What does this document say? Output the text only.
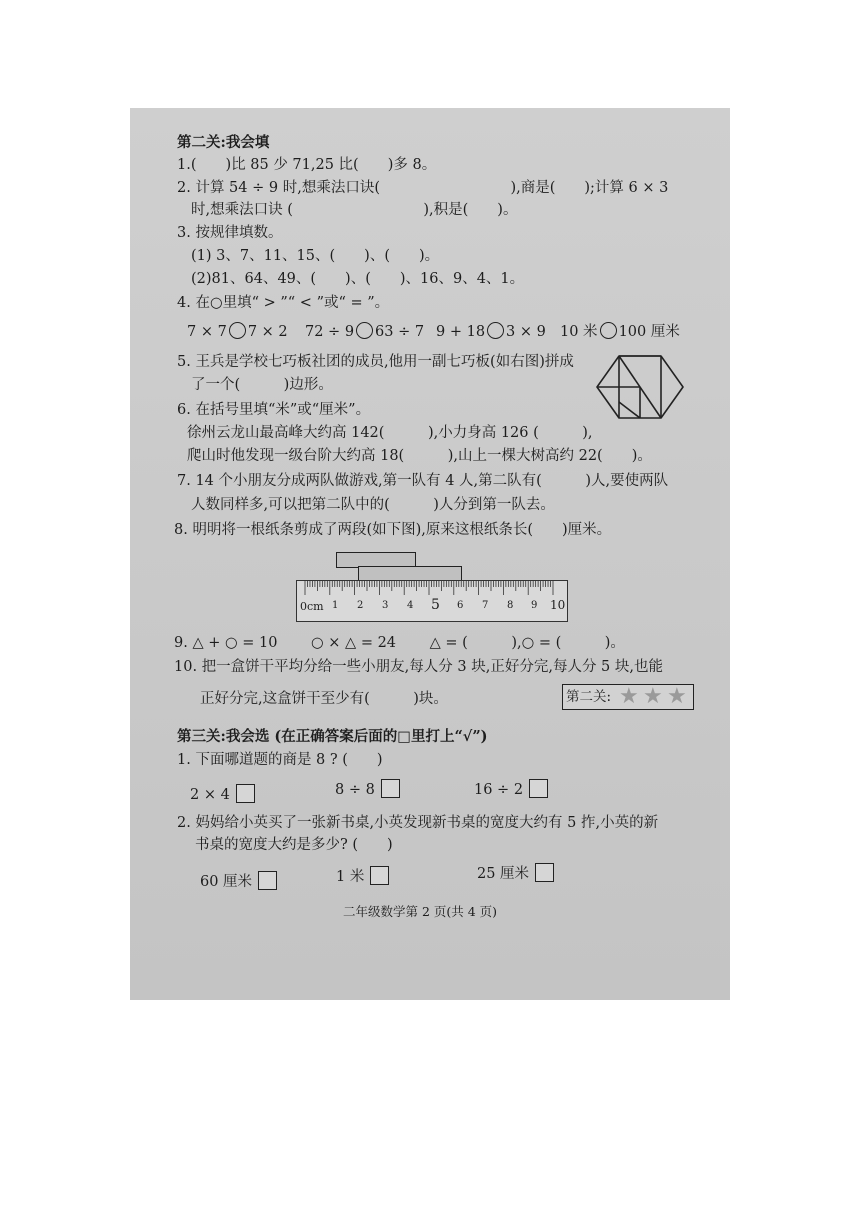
第二关:我会填
1.(　　)比 85 少 71,25 比(　　)多 8。
2. 计算 54 ÷ 9 时,想乘法口诀(　　　　　　　　　),商是(　　);计算 6 × 3
时,想乘法口诀 (　　　　　　　　　),积是(　　)。
3. 按规律填数。
(1) 3、7、11、15、(　　)、(　　)。
(2)81、64、49、(　　)、(　　)、16、9、4、1。
4. 在○里填“ > ”“ < ”或“ = ”。
7 × 7 7 × 2 72 ÷ 9 63 ÷ 7 9 + 18 3 × 9 10 米 100 厘米
5. 王兵是学校七巧板社团的成员,他用一副七巧板(如右图)拼成
了一个(　　　)边形。
6. 在括号里填“米”或“厘米”。
徐州云龙山最高峰大约高 142(　　　),小力身高 126 (　　　),
爬山时他发现一级台阶大约高 18(　　　),山上一棵大树高约 22(　　)。
7. 14 个小朋友分成两队做游戏,第一队有 4 人,第二队有(　　　)人,要使两队
人数同样多,可以把第二队中的(　　　)人分到第一队去。
8. 明明将一根纸条剪成了两段(如下图),原来这根纸条长(　　)厘米。
0cm 1 2 3 4 5 6 7 8 9 10
9. △ + ○ = 10　　 ○ × △ = 24　　 △ = (　　　),○ = (　　　)。
10. 把一盒饼干平均分给一些小朋友,每人分 3 块,正好分完,每人分 5 块,也能
正好分完,这盒饼干至少有(　　　)块。	第二关: ★ ★ ★
第三关:我会选 (在正确答案后面的□里打上“√”)
1. 下面哪道题的商是 8 ? (　　)
2 × 4	8 ÷ 8	16 ÷ 2
2. 妈妈给小英买了一张新书桌,小英发现新书桌的宽度大约有 5 拃,小英的新
书桌的宽度大约是多少? (　　)
60 厘米	1 米	25 厘米
二年级数学第 2 页(共 4 页)
